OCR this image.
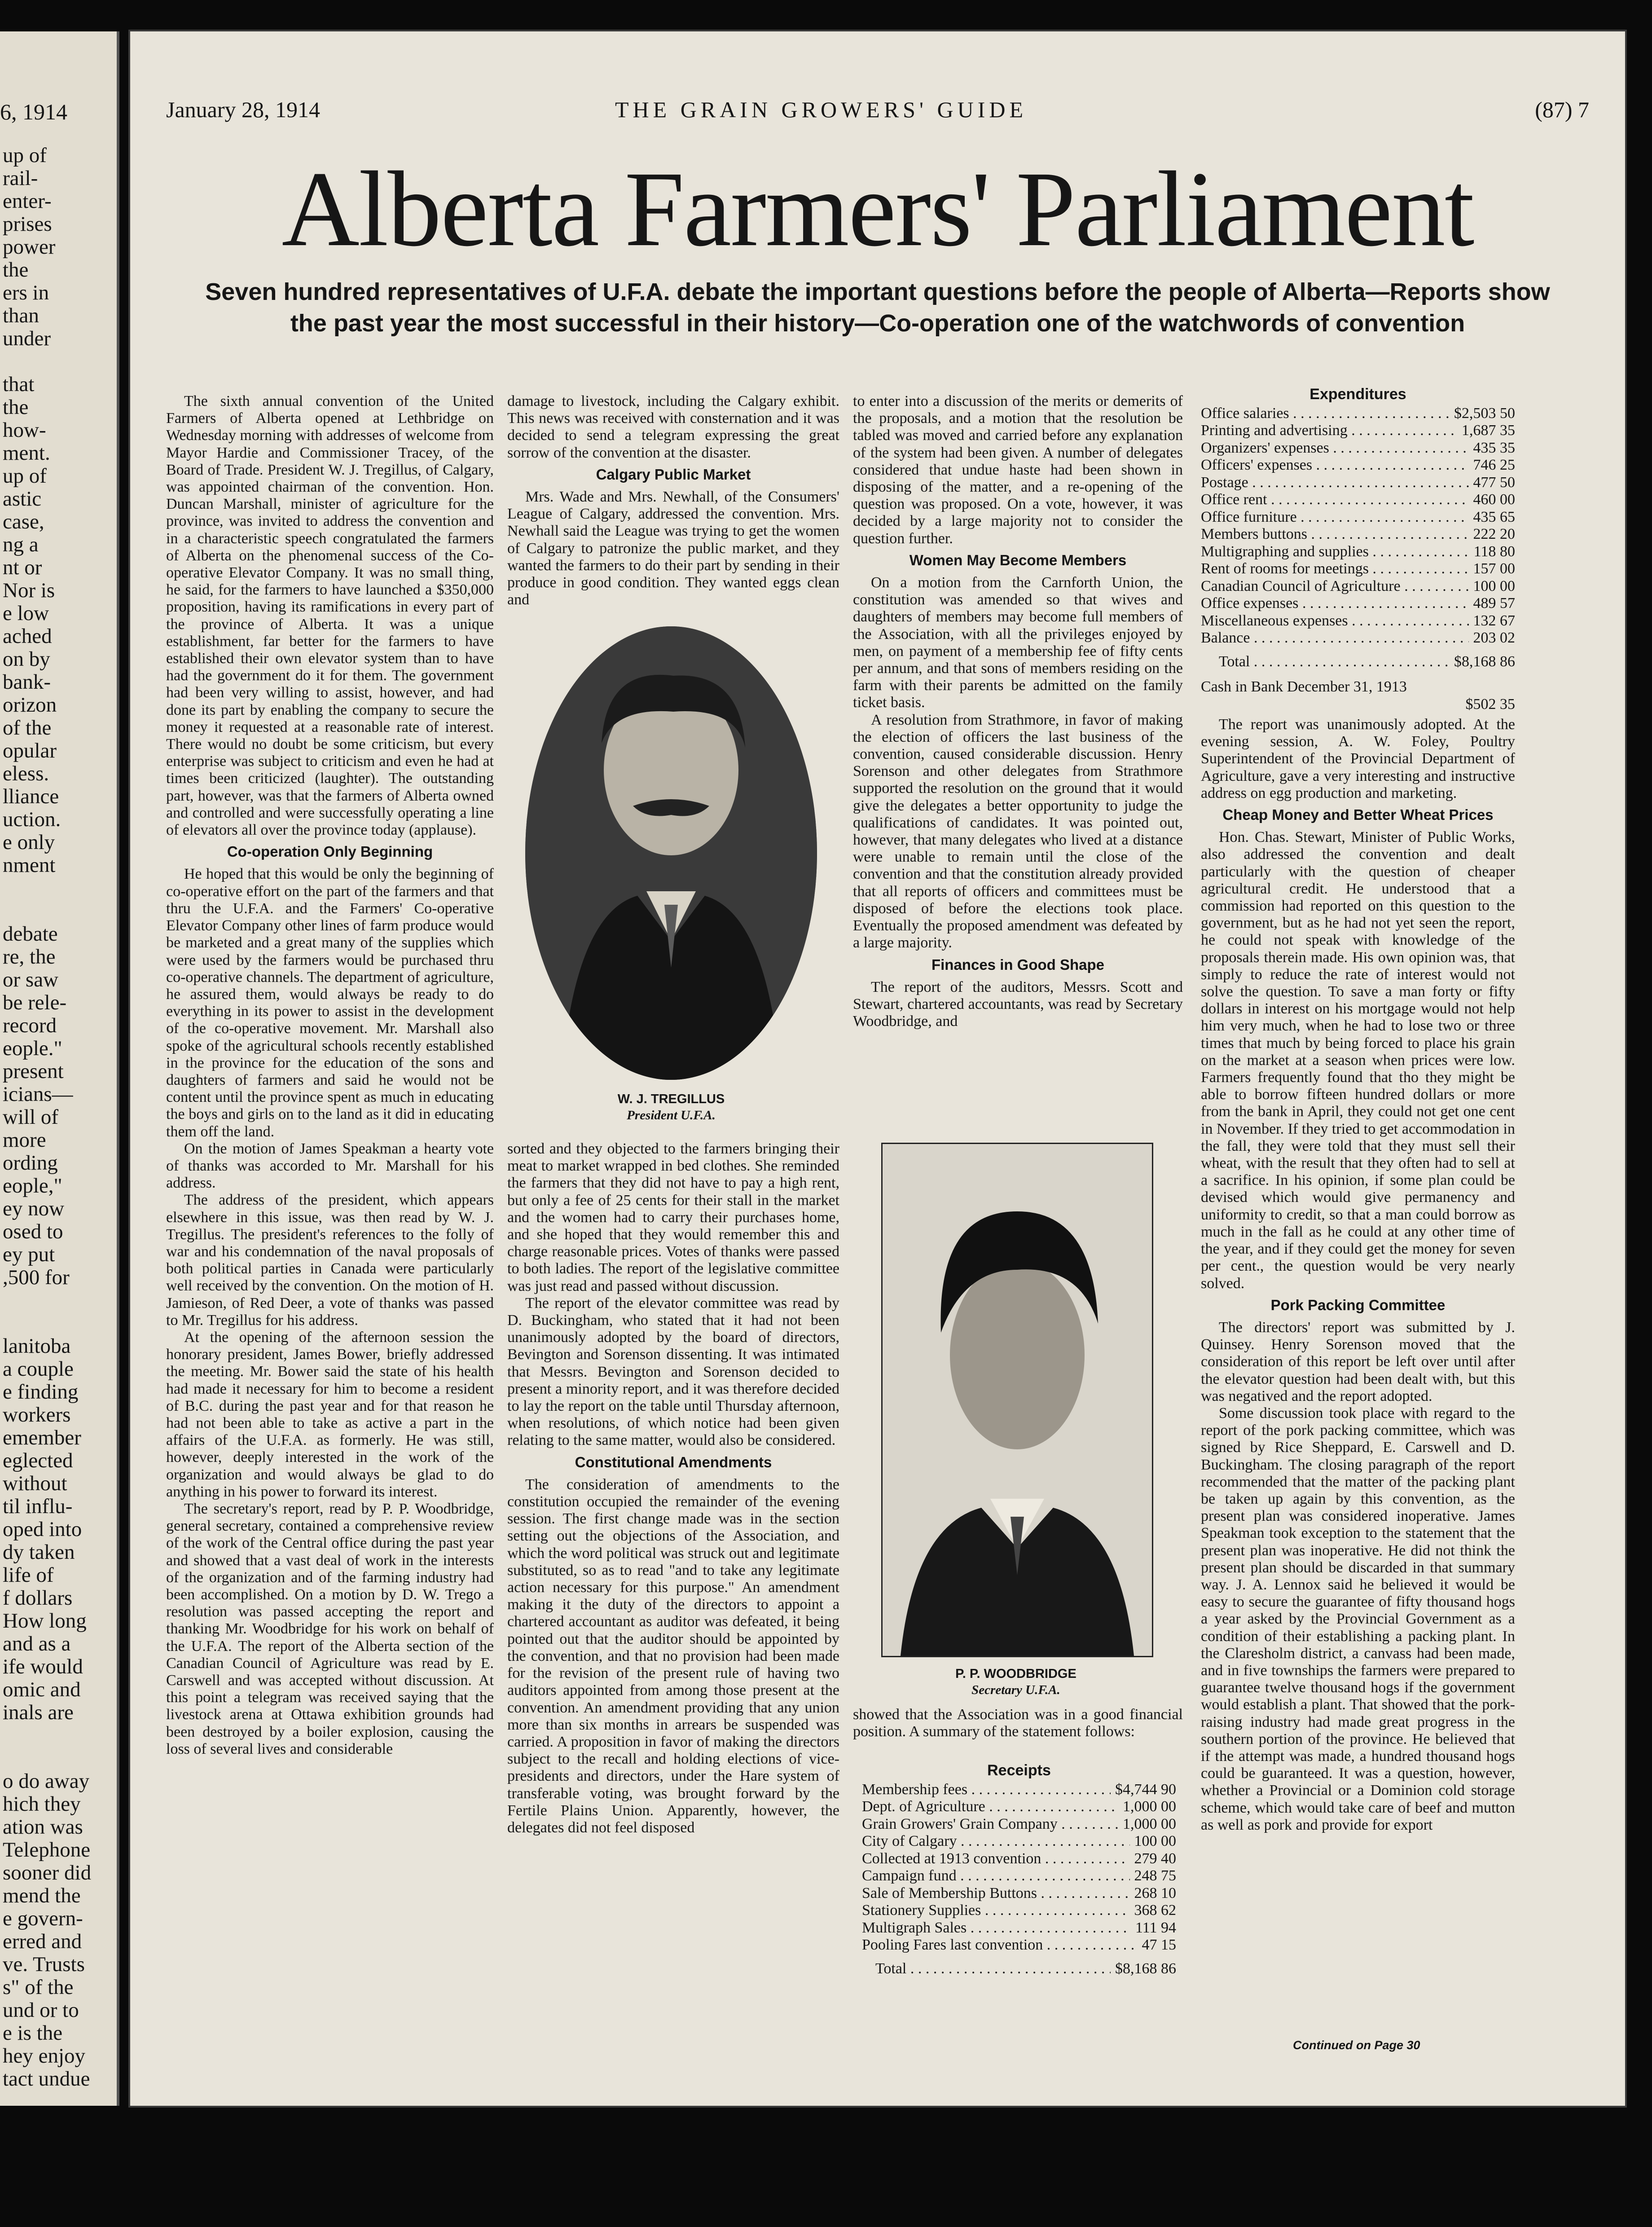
6, 1914
up of
rail-
enter-
prises
power
the
ers in
than
under
that
the
how-
ment.
up of
astic
case,
ng a
nt or
Nor is
e low
ached
on by
bank-
orizon
of the
opular
eless.
lliance
uction.
e only
nment
debate
re, the
or saw
be rele-
record
eople."
present
icians—
will of
more
ording
eople,"
ey now
osed to
ey put
,500 for
lanitoba
a couple
e finding
workers
emember
eglected
without
til influ-
oped into
dy taken
life of
f dollars
How long
and as a
ife would
omic and
inals are
o do away
hich they
ation was
Telephone
sooner did
mend the
e govern-
erred and
ve. Trusts
s" of the
und or to
e is the
hey enjoy
tact undue
January 28, 1914	THE GRAIN GROWERS' GUIDE	(87) 7
Alberta Farmers' Parliament
Seven hundred representatives of U.F.A. debate the important questions before the people of Alberta—Reports show the past year the most successful in their history—Co-operation one of the watchwords of convention

The sixth annual convention of the United Farmers of Alberta opened at Lethbridge on Wednesday morning with addresses of welcome from Mayor Hardie and Commissioner Tracey, of the Board of Trade. President W. J. Tregillus, of Calgary, was appointed chairman of the convention. Hon. Duncan Marshall, minister of agriculture for the province, was invited to address the convention and in a characteristic speech congratulated the farmers of Alberta on the phenomenal success of the Co-operative Elevator Company. It was no small thing, he said, for the farmers to have launched a $350,000 proposition, having its ramifications in every part of the province of Alberta. It was a unique establishment, far better for the farmers to have established their own elevator system than to have had the government do it for them. The government had been very willing to assist, however, and had done its part by enabling the company to secure the money it requested at a reasonable rate of interest. There would no doubt be some criticism, but every enterprise was subject to criticism and even he had at times been criticized (laughter). The outstanding part, however, was that the farmers of Alberta owned and controlled and were successfully operating a line of elevators all over the province today (applause).

Co-operation Only Beginning

He hoped that this would be only the beginning of co-operative effort on the part of the farmers and that thru the U.F.A. and the Farmers' Co-operative Elevator Company other lines of farm produce would be marketed and a great many of the supplies which were used by the farmers would be purchased thru co-operative channels. The department of agriculture, he assured them, would always be ready to do everything in its power to assist in the development of the co-operative movement. Mr. Marshall also spoke of the agricultural schools recently established in the province for the education of the sons and daughters of farmers and said he would not be content until the province spent as much in educating the boys and girls on to the land as it did in educating them off the land.

On the motion of James Speakman a hearty vote of thanks was accorded to Mr. Marshall for his address.

The address of the president, which appears elsewhere in this issue, was then read by W. J. Tregillus. The president's references to the folly of war and his condemnation of the naval proposals of both political parties in Canada were particularly well received by the convention. On the motion of H. Jamieson, of Red Deer, a vote of thanks was passed to Mr. Tregillus for his address.

At the opening of the afternoon session the honorary president, James Bower, briefly addressed the meeting. Mr. Bower said the state of his health had made it necessary for him to become a resident of B.C. during the past year and for that reason he had not been able to take as active a part in the affairs of the U.F.A. as formerly. He was still, however, deeply interested in the work of the organization and would always be glad to do anything in his power to forward its interest.

The secretary's report, read by P. P. Woodbridge, general secretary, contained a comprehensive review of the work of the Central office during the past year and showed that a vast deal of work in the interests of the organization and of the farming industry had been accomplished. On a motion by D. W. Trego a resolution was passed accepting the report and thanking Mr. Woodbridge for his work on behalf of the U.F.A. The report of the Alberta section of the Canadian Council of Agriculture was read by E. Carswell and was accepted without discussion. At this point a telegram was received saying that the livestock arena at Ottawa exhibition grounds had been destroyed by a boiler explosion, causing the loss of several lives and considerable

damage to livestock, including the Calgary exhibit. This news was received with consternation and it was decided to send a telegram expressing the great sorrow of the convention at the disaster.

Calgary Public Market

Mrs. Wade and Mrs. Newhall, of the Consumers' League of Calgary, addressed the convention. Mrs. Newhall said the League was trying to get the women of Calgary to patronize the public market, and they wanted the farmers to do their part by sending in their produce in good condition. They wanted eggs clean and

W. J. TREGILLUS
President U.F.A.

sorted and they objected to the farmers bringing their meat to market wrapped in bed clothes. She reminded the farmers that they did not have to pay a high rent, but only a fee of 25 cents for their stall in the market and the women had to carry their purchases home, and she hoped that they would remember this and charge reasonable prices. Votes of thanks were passed to both ladies. The report of the legislative committee was just read and passed without discussion.

The report of the elevator committee was read by D. Buckingham, who stated that it had not been unanimously adopted by the board of directors, Bevington and Sorenson dissenting. It was intimated that Messrs. Bevington and Sorenson decided to present a minority report, and it was therefore decided to lay the report on the table until Thursday afternoon, when resolutions, of which notice had been given relating to the same matter, would also be considered.

Constitutional Amendments

The consideration of amendments to the constitution occupied the remainder of the evening session. The first change made was in the section setting out the objections of the Association, and which the word political was struck out and legitimate substituted, so as to read "and to take any legitimate action necessary for this purpose." An amendment making it the duty of the directors to appoint a chartered accountant as auditor was defeated, it being pointed out that the auditor should be appointed by the convention, and that no provision had been made for the revision of the present rule of having two auditors appointed from among those present at the convention. An amendment providing that any union more than six months in arrears be suspended was carried. A proposition in favor of making the directors subject to the recall and holding elections of vice-presidents and directors, under the Hare system of transferable voting, was brought forward by the Fertile Plains Union. Apparently, however, the delegates did not feel disposed

to enter into a discussion of the merits or demerits of the proposals, and a motion that the resolution be tabled was moved and carried before any explanation of the system had been given. A number of delegates considered that undue haste had been shown in disposing of the matter, and a re-opening of the question was proposed. On a vote, however, it was decided by a large majority not to consider the question further.

Women May Become Members

On a motion from the Carnforth Union, the constitution was amended so that wives and daughters of members may become full members of the Association, with all the privileges enjoyed by men, on payment of a membership fee of fifty cents per annum, and that sons of members residing on the farm with their parents be admitted on the family ticket basis.

A resolution from Strathmore, in favor of making the election of officers the last business of the convention, caused considerable discussion. Henry Sorenson and other delegates from Strathmore supported the resolution on the ground that it would give the delegates a better opportunity to judge the qualifications of candidates. It was pointed out, however, that many delegates who lived at a distance were unable to remain until the close of the convention and that the constitution already provided that all reports of officers and committees must be disposed of before the elections took place. Eventually the proposed amendment was defeated by a large majority.

Finances in Good Shape

The report of the auditors, Messrs. Scott and Stewart, chartered accountants, was read by Secretary Woodbridge, and

P. P. WOODBRIDGE
Secretary U.F.A.

showed that the Association was in a good financial position. A summary of the statement follows:

Receipts
Membership fees . . .	$4,744 90
Dept. of Agriculture . . .	1,000 00
Grain Growers' Grain Company . . .	1,000 00
City of Calgary . . .	100 00
Collected at 1913 convention . . .	279 40
Campaign fund . . .	248 75
Sale of Membership Buttons . . .	268 10
Stationery Supplies . . .	368 62
Multigraph Sales . . .	111 94
Pooling Fares last convention . . .	47 15
Total . . .	$8,168 86
Expenditures
Office salaries . . .	$2,503 50
Printing and advertising . . .	1,687 35
Organizers' expenses . . .	435 35
Officers' expenses . . .	746 25
Postage . . .	477 50
Office rent . . .	460 00
Office furniture . . .	435 65
Members buttons . . .	222 20
Multigraphing and supplies . . .	118 80
Rent of rooms for meetings . . .	157 00
Canadian Council of Agriculture . . .	100 00
Office expenses . . .	489 57
Miscellaneous expenses . . .	132 67
Balance . . .	203 02
Total . . .	$8,168 86
Cash in Bank December 31, 1913
$502 35

The report was unanimously adopted. At the evening session, A. W. Foley, Poultry Superintendent of the Provincial Department of Agriculture, gave a very interesting and instructive address on egg production and marketing.

Cheap Money and Better Wheat Prices

Hon. Chas. Stewart, Minister of Public Works, also addressed the convention and dealt particularly with the question of cheaper agricultural credit. He understood that a commission had reported on this question to the government, but as he had not yet seen the report, he could not speak with knowledge of the proposals therein made. His own opinion was, that simply to reduce the rate of interest would not solve the question. To save a man forty or fifty dollars in interest on his mortgage would not help him very much, when he had to lose two or three times that much by being forced to place his grain on the market at a season when prices were low. Farmers frequently found that tho they might be able to borrow fifteen hundred dollars or more from the bank in April, they could not get one cent in November. If they tried to get accommodation in the fall, they were told that they must sell their wheat, with the result that they often had to sell at a sacrifice. In his opinion, if some plan could be devised which would give permanency and uniformity to credit, so that a man could borrow as much in the fall as he could at any other time of the year, and if they could get the money for seven per cent., the question would be very nearly solved.

Pork Packing Committee

The directors' report was submitted by J. Quinsey. Henry Sorenson moved that the consideration of this report be left over until after the elevator question had been dealt with, but this was negatived and the report adopted.

Some discussion took place with regard to the report of the pork packing committee, which was signed by Rice Sheppard, E. Carswell and D. Buckingham. The closing paragraph of the report recommended that the matter of the packing plant be taken up again by this convention, as the present plan was considered inoperative. James Speakman took exception to the statement that the present plan was inoperative. He did not think the present plan should be discarded in that summary way. J. A. Lennox said he believed it would be easy to secure the guarantee of fifty thousand hogs a year asked by the Provincial Government as a condition of their establishing a packing plant. In the Claresholm district, a canvass had been made, and in five townships the farmers were prepared to guarantee twelve thousand hogs if the government would establish a plant. That showed that the pork-raising industry had made great progress in the southern portion of the province. He believed that if the attempt was made, a hundred thousand hogs could be guaranteed. It was a question, however, whether a Provincial or a Dominion cold storage scheme, which would take care of beef and mutton as well as pork and provide for export

Continued on Page 30
